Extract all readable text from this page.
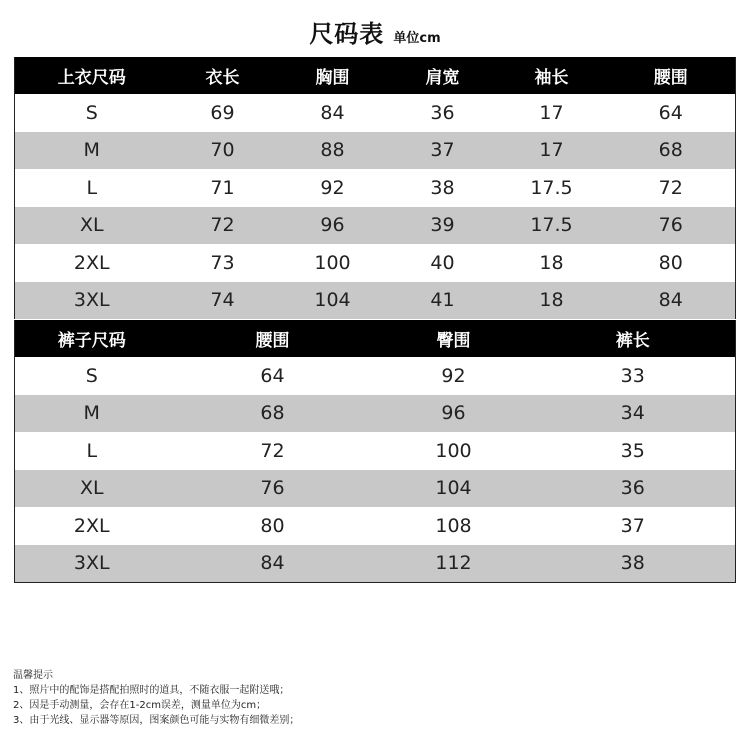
尺码表 单位cm
上衣尺码	衣长	胸围	肩宽	袖长	腰围
S	69	84	36	17	64
M	70	88	37	17	68
L	71	92	38	17.5	72
XL	72	96	39	17.5	76
2XL	73	100	40	18	80
3XL	74	104	41	18	84
裤子尺码	腰围	臀围	裤长
S	64	92	33
M	68	96	34
L	72	100	35
XL	76	104	36
2XL	80	108	37
3XL	84	112	38
温馨提示
1、照片中的配饰是搭配拍照时的道具，不随衣服一起附送哦；
2、因是手动测量，会存在1-2cm误差，测量单位为cm；
3、由于光线、显示器等原因，图案颜色可能与实物有细微差别；
